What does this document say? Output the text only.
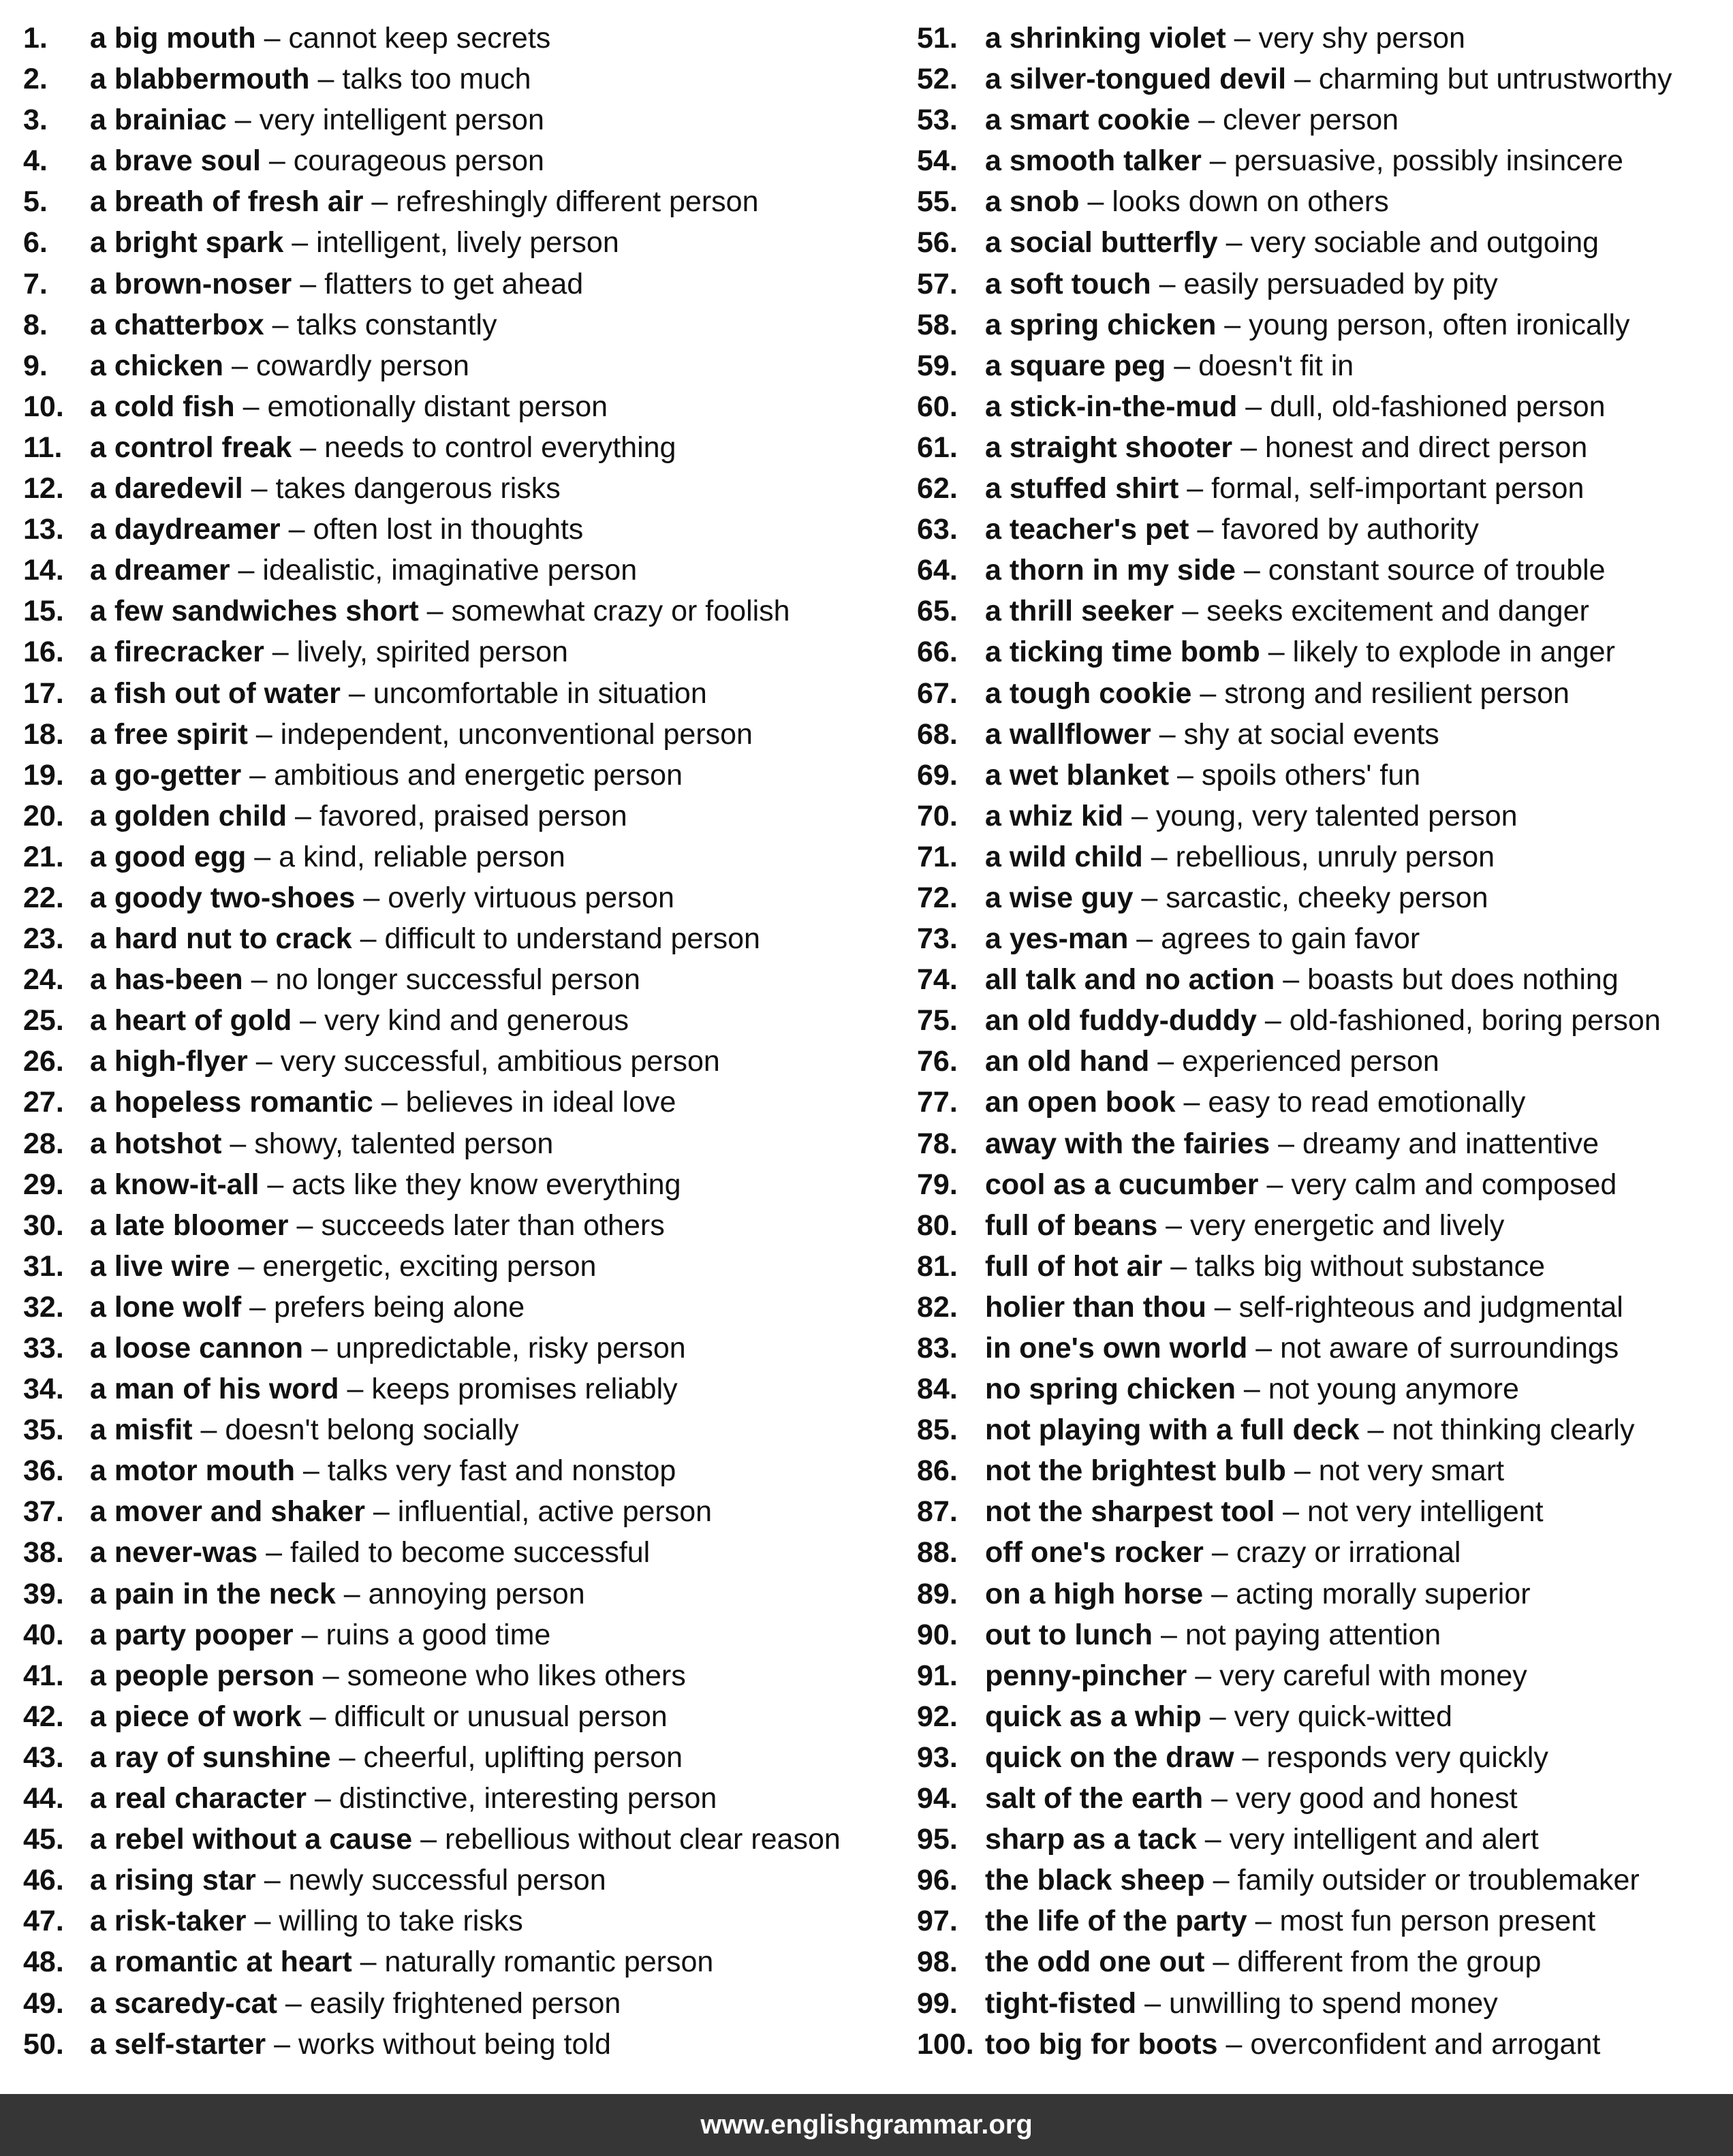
1.	a big mouth – cannot keep secrets
2.	a blabbermouth – talks too much
3.	a brainiac – very intelligent person
4.	a brave soul – courageous person
5.	a breath of fresh air – refreshingly different person
6.	a bright spark – intelligent, lively person
7.	a brown-noser – flatters to get ahead
8.	a chatterbox – talks constantly
9.	a chicken – cowardly person
10. a cold fish – emotionally distant person
11. a control freak – needs to control everything
12. a daredevil – takes dangerous risks
13. a daydreamer – often lost in thoughts
14. a dreamer – idealistic, imaginative person
15. a few sandwiches short – somewhat crazy or foolish
16. a firecracker – lively, spirited person
17. a fish out of water – uncomfortable in situation
18. a free spirit – independent, unconventional person
19. a go-getter – ambitious and energetic person
20. a golden child – favored, praised person
21. a good egg – a kind, reliable person
22. a goody two-shoes – overly virtuous person
23. a hard nut to crack – difficult to understand person
24. a has-been – no longer successful person
25. a heart of gold – very kind and generous
26. a high-flyer – very successful, ambitious person
27. a hopeless romantic – believes in ideal love
28. a hotshot – showy, talented person
29. a know-it-all – acts like they know everything
30. a late bloomer – succeeds later than others
31. a live wire – energetic, exciting person
32. a lone wolf – prefers being alone
33. a loose cannon – unpredictable, risky person
34. a man of his word – keeps promises reliably
35. a misfit – doesn't belong socially
36. a motor mouth – talks very fast and nonstop
37. a mover and shaker – influential, active person
38. a never-was – failed to become successful
39. a pain in the neck – annoying person
40. a party pooper – ruins a good time
41. a people person – someone who likes others
42. a piece of work – difficult or unusual person
43. a ray of sunshine – cheerful, uplifting person
44. a real character – distinctive, interesting person
45. a rebel without a cause – rebellious without clear reason
46. a rising star – newly successful person
47. a risk-taker – willing to take risks
48. a romantic at heart – naturally romantic person
49. a scaredy-cat – easily frightened person
50. a self-starter – works without being told
51. a shrinking violet – very shy person
52. a silver-tongued devil – charming but untrustworthy
53. a smart cookie – clever person
54. a smooth talker – persuasive, possibly insincere
55. a snob – looks down on others
56. a social butterfly – very sociable and outgoing
57. a soft touch – easily persuaded by pity
58. a spring chicken – young person, often ironically
59. a square peg – doesn't fit in
60. a stick-in-the-mud – dull, old-fashioned person
61. a straight shooter – honest and direct person
62. a stuffed shirt – formal, self-important person
63. a teacher's pet – favored by authority
64. a thorn in my side – constant source of trouble
65. a thrill seeker – seeks excitement and danger
66. a ticking time bomb – likely to explode in anger
67. a tough cookie – strong and resilient person
68. a wallflower – shy at social events
69. a wet blanket – spoils others' fun
70. a whiz kid – young, very talented person
71. a wild child – rebellious, unruly person
72. a wise guy – sarcastic, cheeky person
73. a yes-man – agrees to gain favor
74. all talk and no action – boasts but does nothing
75. an old fuddy-duddy – old-fashioned, boring person
76. an old hand – experienced person
77. an open book – easy to read emotionally
78. away with the fairies – dreamy and inattentive
79. cool as a cucumber – very calm and composed
80. full of beans – very energetic and lively
81. full of hot air – talks big without substance
82. holier than thou – self-righteous and judgmental
83. in one's own world – not aware of surroundings
84. no spring chicken – not young anymore
85. not playing with a full deck – not thinking clearly
86. not the brightest bulb – not very smart
87. not the sharpest tool – not very intelligent
88. off one's rocker – crazy or irrational
89. on a high horse – acting morally superior
90. out to lunch – not paying attention
91. penny-pincher – very careful with money
92. quick as a whip – very quick-witted
93. quick on the draw – responds very quickly
94. salt of the earth – very good and honest
95. sharp as a tack – very intelligent and alert
96. the black sheep – family outsider or troublemaker
97. the life of the party – most fun person present
98. the odd one out – different from the group
99. tight-fisted – unwilling to spend money
100. too big for boots – overconfident and arrogant
www.englishgrammar.org
